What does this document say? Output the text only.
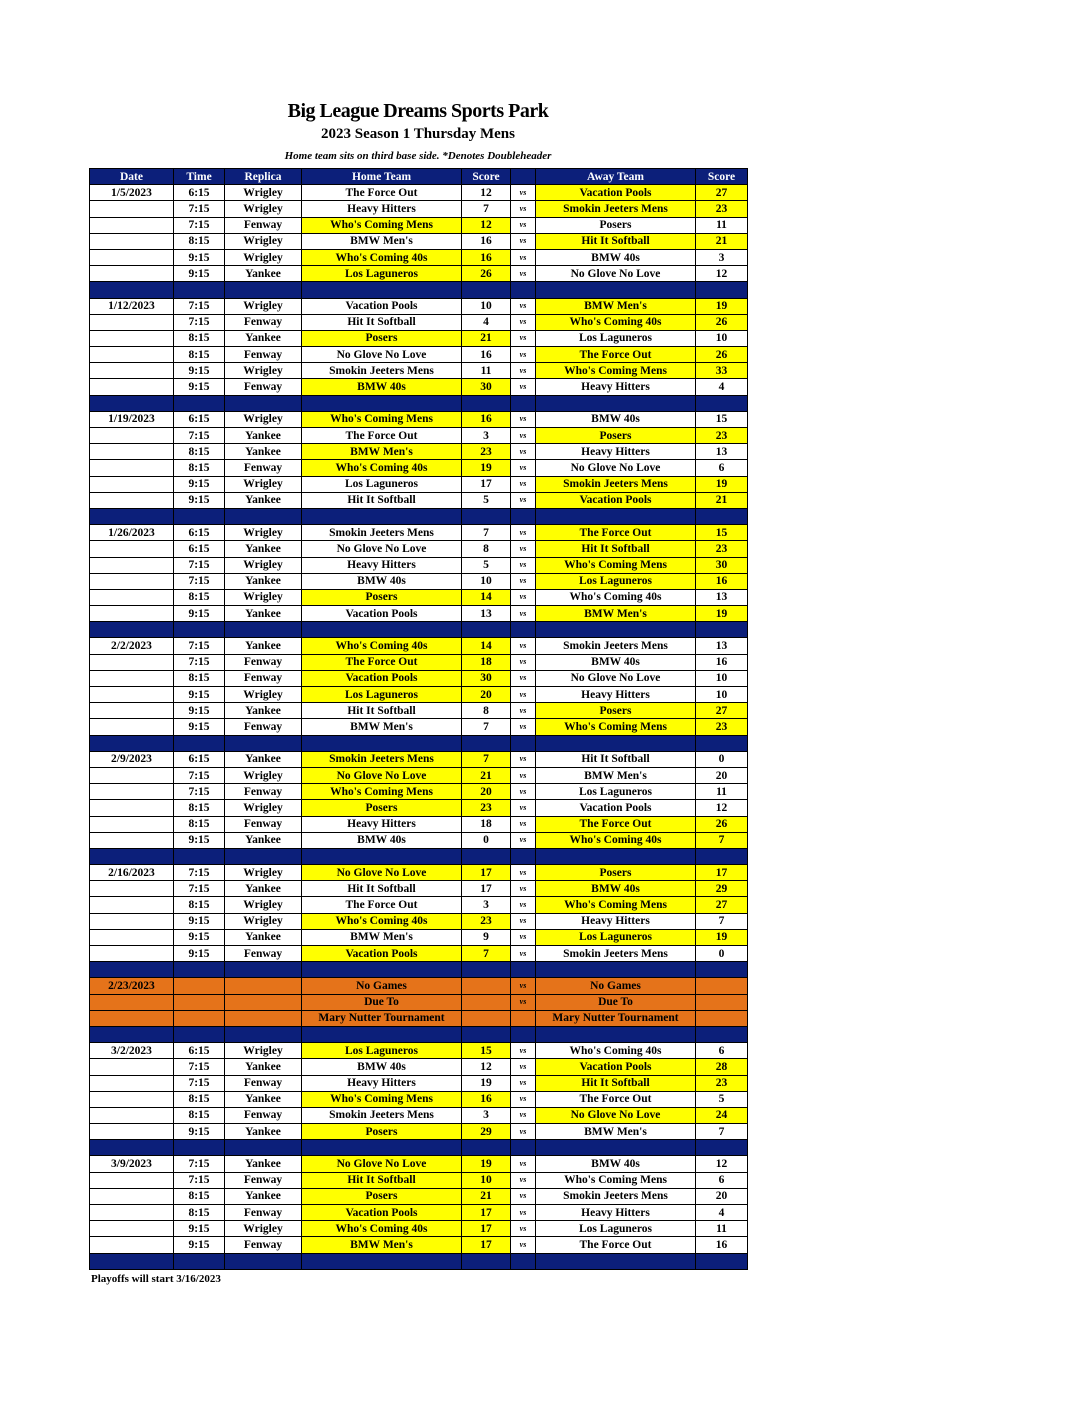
Big League Dreams Sports Park
2023 Season 1 Thursday Mens
Home team sits on third base side. *Denotes Doubleheader
Date	Time	Replica	Home Team	Score		Away Team	Score
1/5/2023	6:15	Wrigley	The Force Out	12	vs	Vacation Pools	27
	7:15	Wrigley	Heavy Hitters	7	vs	Smokin Jeeters Mens	23
	7:15	Fenway	Who's Coming Mens	12	vs	Posers	11
	8:15	Wrigley	BMW Men's	16	vs	Hit It Softball	21
	9:15	Wrigley	Who's Coming 40s	16	vs	BMW 40s	3
	9:15	Yankee	Los Laguneros	26	vs	No Glove No Love	12

1/12/2023	7:15	Wrigley	Vacation Pools	10	vs	BMW Men's	19
	7:15	Fenway	Hit It Softball	4	vs	Who's Coming 40s	26
	8:15	Yankee	Posers	21	vs	Los Laguneros	10
	8:15	Fenway	No Glove No Love	16	vs	The Force Out	26
	9:15	Wrigley	Smokin Jeeters Mens	11	vs	Who's Coming Mens	33
	9:15	Fenway	BMW 40s	30	vs	Heavy Hitters	4

1/19/2023	6:15	Wrigley	Who's Coming Mens	16	vs	BMW 40s	15
	7:15	Yankee	The Force Out	3	vs	Posers	23
	8:15	Yankee	BMW Men's	23	vs	Heavy Hitters	13
	8:15	Fenway	Who's Coming 40s	19	vs	No Glove No Love	6
	9:15	Wrigley	Los Laguneros	17	vs	Smokin Jeeters Mens	19
	9:15	Yankee	Hit It Softball	5	vs	Vacation Pools	21

1/26/2023	6:15	Wrigley	Smokin Jeeters Mens	7	vs	The Force Out	15
	6:15	Yankee	No Glove No Love	8	vs	Hit It Softball	23
	7:15	Wrigley	Heavy Hitters	5	vs	Who's Coming Mens	30
	7:15	Yankee	BMW 40s	10	vs	Los Laguneros	16
	8:15	Wrigley	Posers	14	vs	Who's Coming 40s	13
	9:15	Yankee	Vacation Pools	13	vs	BMW Men's	19

2/2/2023	7:15	Yankee	Who's Coming 40s	14	vs	Smokin Jeeters Mens	13
	7:15	Fenway	The Force Out	18	vs	BMW 40s	16
	8:15	Fenway	Vacation Pools	30	vs	No Glove No Love	10
	9:15	Wrigley	Los Laguneros	20	vs	Heavy Hitters	10
	9:15	Yankee	Hit It Softball	8	vs	Posers	27
	9:15	Fenway	BMW Men's	7	vs	Who's Coming Mens	23

2/9/2023	6:15	Yankee	Smokin Jeeters Mens	7	vs	Hit It Softball	0
	7:15	Wrigley	No Glove No Love	21	vs	BMW Men's	20
	7:15	Fenway	Who's Coming Mens	20	vs	Los Laguneros	11
	8:15	Wrigley	Posers	23	vs	Vacation Pools	12
	8:15	Fenway	Heavy Hitters	18	vs	The Force Out	26
	9:15	Yankee	BMW 40s	0	vs	Who's Coming 40s	7

2/16/2023	7:15	Wrigley	No Glove No Love	17	vs	Posers	17
	7:15	Yankee	Hit It Softball	17	vs	BMW 40s	29
	8:15	Wrigley	The Force Out	3	vs	Who's Coming Mens	27
	9:15	Wrigley	Who's Coming 40s	23	vs	Heavy Hitters	7
	9:15	Yankee	BMW Men's	9	vs	Los Laguneros	19
	9:15	Fenway	Vacation Pools	7	vs	Smokin Jeeters Mens	0

2/23/2023			No Games		vs	No Games	
			Due To		vs	Due To	
			Mary Nutter Tournament			Mary Nutter Tournament	

3/2/2023	6:15	Wrigley	Los Laguneros	15	vs	Who's Coming 40s	6
	7:15	Yankee	BMW 40s	12	vs	Vacation Pools	28
	7:15	Fenway	Heavy Hitters	19	vs	Hit It Softball	23
	8:15	Yankee	Who's Coming Mens	16	vs	The Force Out	5
	8:15	Fenway	Smokin Jeeters Mens	3	vs	No Glove No Love	24
	9:15	Yankee	Posers	29	vs	BMW Men's	7

3/9/2023	7:15	Yankee	No Glove No Love	19	vs	BMW 40s	12
	7:15	Fenway	Hit It Softball	10	vs	Who's Coming Mens	6
	8:15	Yankee	Posers	21	vs	Smokin Jeeters Mens	20
	8:15	Fenway	Vacation Pools	17	vs	Heavy Hitters	4
	9:15	Wrigley	Who's Coming 40s	17	vs	Los Laguneros	11
	9:15	Fenway	BMW Men's	17	vs	The Force Out	16

Playoffs will start 3/16/2023
